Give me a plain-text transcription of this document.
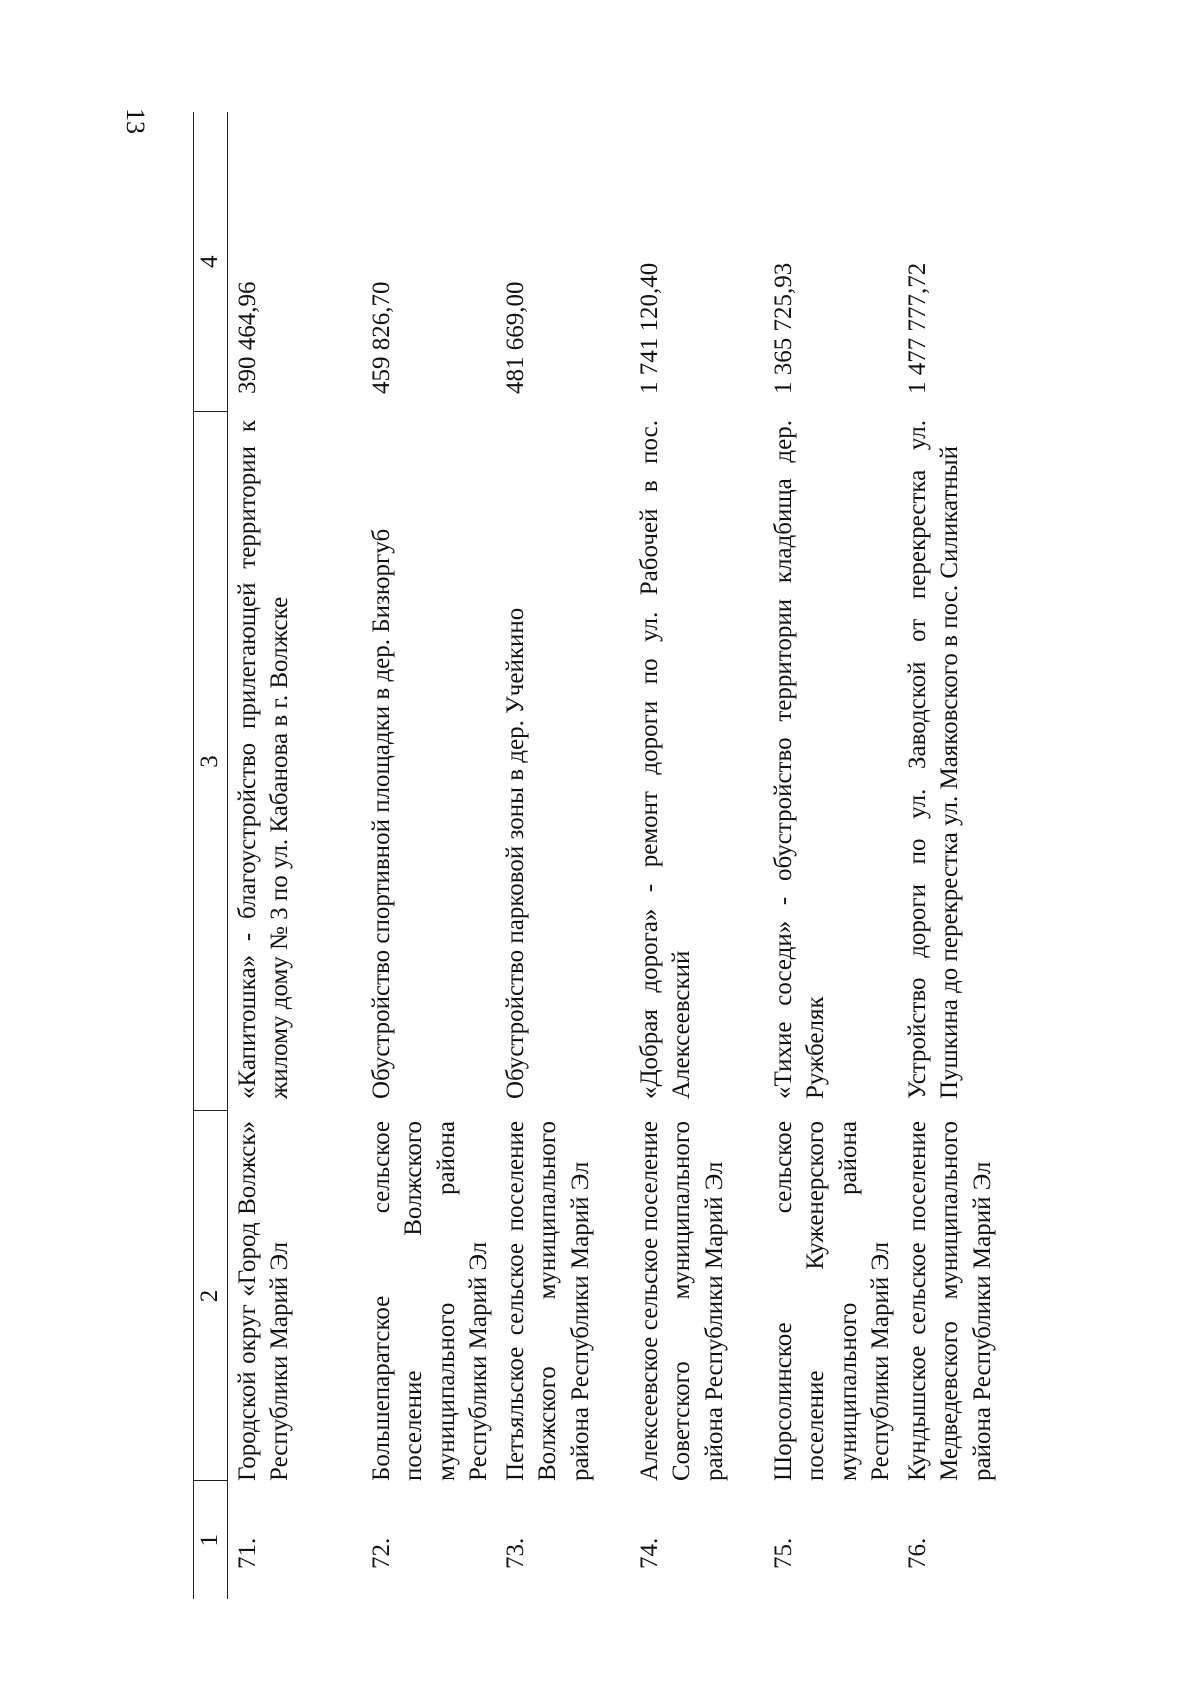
13
1	2	3	4
71.	Городской округ «Город Волжск» Республики Марий Эл	«Капитошка» - благоустройство прилегающей территории к жилому дому № 3 по ул. Кабанова в г. Волжске	390 464,96
72.	Большепаратское сельское поселение Волжского муниципального района Республики Марий Эл	Обустройство спортивной площадки в дер. Бизюргуб	459 826,70
73.	Петъяльское сельское поселение Волжского муниципального района Республики Марий Эл	Обустройство парковой зоны в дер. Учейкино	481 669,00
74.	Алексеевское сельское поселение Советского муниципального района Республики Марий Эл	«Добрая дорога» - ремонт дороги по ул. Рабочей в пос. Алексеевский	1 741 120,40
75.	Шорсолинское сельское поселение Куженерского муниципального района Республики Марий Эл	«Тихие соседи» - обустройство территории кладбища дер. Ружбеляк	1 365 725,93
76.	Кундышское сельское поселение Медведевского муниципального района Республики Марий Эл	Устройство дороги по ул. Заводской от перекрестка ул. Пушкина до перекрестка ул. Маяковского в пос. Силикатный	1 477 777,72
